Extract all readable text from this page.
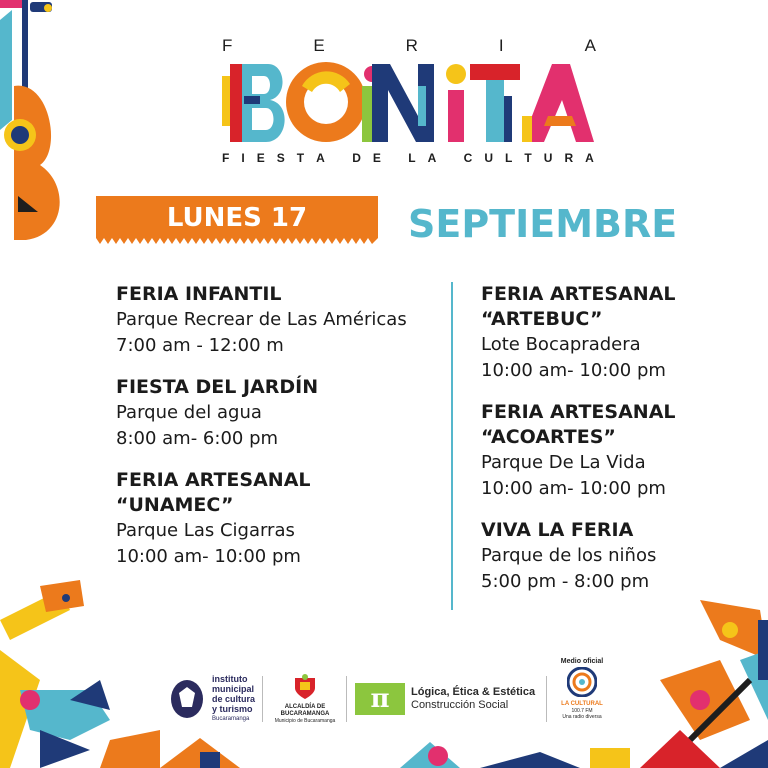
F	E	R	I	A
F I E S T A
D E
L A
C U L T U R A
LUNES 17	SEPTIEMBRE
FERIA INFANTIL
Parque Recrear de Las Américas
7:00 am - 12:00 m
FIESTA DEL JARDÍN
Parque del agua
8:00 am- 6:00 pm
FERIA ARTESANAL
“UNAMEC”
Parque Las Cigarras
10:00 am- 10:00 pm
FERIA ARTESANAL
“ARTEBUC”
Lote Bocapradera
10:00 am- 10:00 pm
FERIA ARTESANAL
“ACOARTES”
Parque De La Vida
10:00 am- 10:00 pm
VIVA LA FERIA
Parque de los niños
5:00 pm - 8:00 pm
instituto
municipal
de cultura
y turismo
Bucaramanga
ALCALDÍA DE
BUCARAMANGA
Municipio de Bucaramanga
π	Lógica, Ética & Estética
Construcción Social
Medio oficial
LA CULTURAL
100.7 FM
Una radio diversa
